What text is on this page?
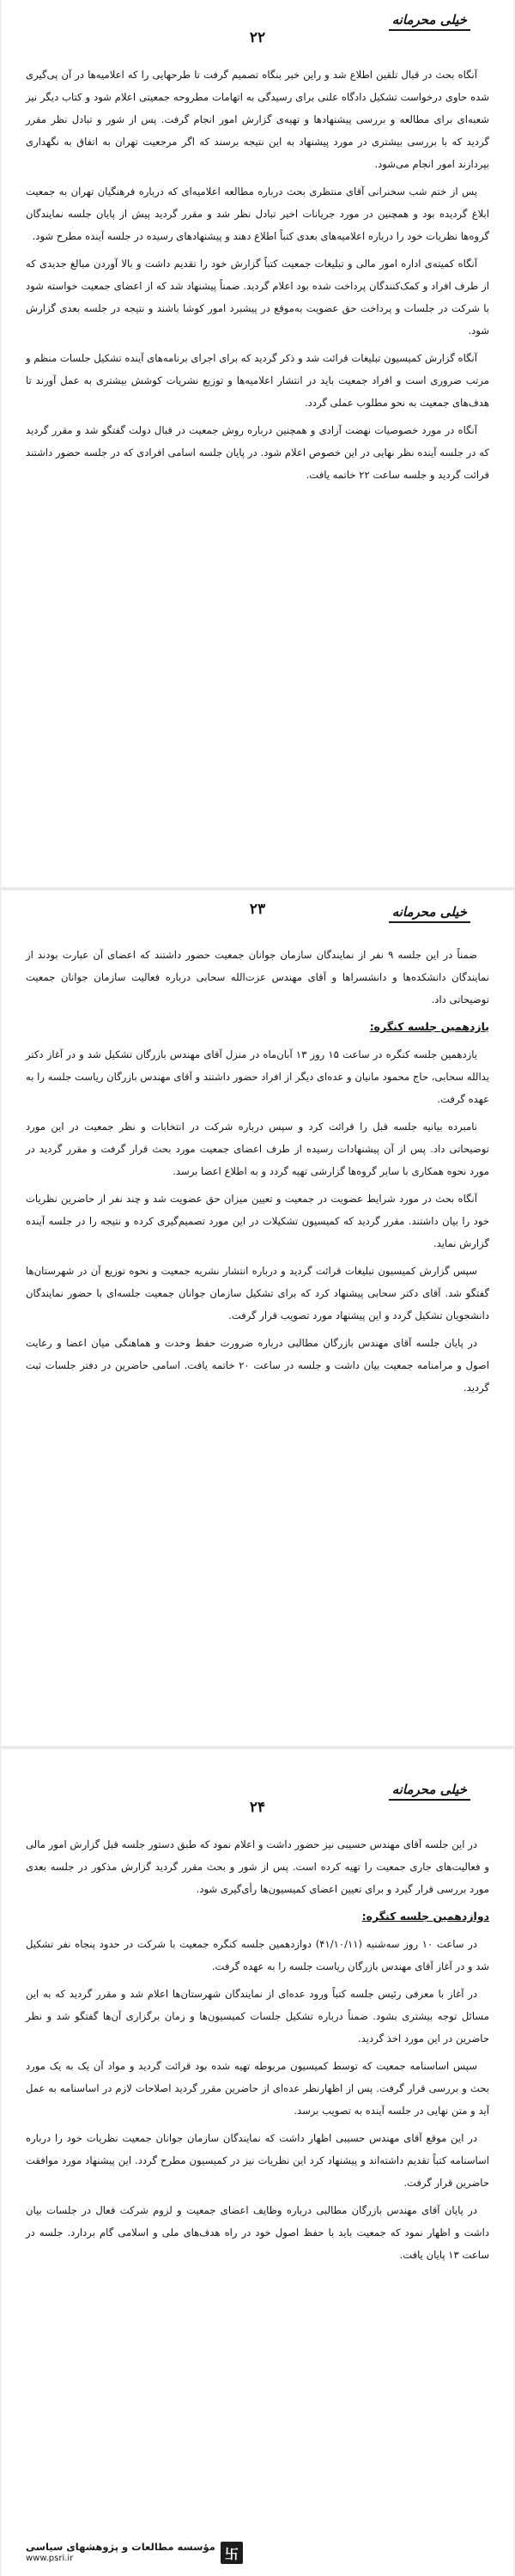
خیلی محرمانه
۲۲

آنگاه بحث در قبال تلقین اطلاع شد و راین خبر بنگاه تصمیم گرفت تا طرحهایی را که اعلامیه‌ها در آن پی‌گیری شده حاوی درخواست تشکیل دادگاه علنی برای رسیدگی به اتهامات مطروحه جمعیتی اعلام شود و کتاب دیگر نیز شعبه‌ای برای مطالعه و بررسی پیشنهادها و تهیه‌ی گزارش امور انجام گرفت. پس از شور و تبادل نظر مقرر گردید که با بررسی بیشتری در مورد پیشنهاد به این نتیجه برسند که اگر مرجعیت تهران به اتفاق به نگهداری بپردازند امور انجام می‌شود.

پس از ختم شب سخنرانی آقای منتظری بحث درباره مطالعه اعلامیه‌ای که درباره فرهنگیان تهران به جمعیت ابلاغ گردیده بود و همچنین در مورد جریانات اخیر تبادل نظر شد و مقرر گردید پیش از پایان جلسه نمایندگان گروه‌ها نظریات خود را درباره اعلامیه‌های بعدی کتباً اطلاع دهند و پیشنهادهای رسیده در جلسه آینده مطرح شود.

آنگاه کمیته‌ی اداره امور مالی و تبلیغات جمعیت کتباً گزارش خود را تقدیم داشت و بالا آوردن مبالغ جدیدی که از طرف افراد و کمک‌کنندگان پرداخت شده بود اعلام گردید. ضمناً پیشنهاد شد که از اعضای جمعیت خواسته شود با شرکت در جلسات و پرداخت حق عضویت به‌موقع در پیشبرد امور کوشا باشند و نتیجه در جلسه بعدی گزارش شود.

آنگاه گزارش کمیسیون تبلیغات قرائت شد و ذکر گردید که برای اجرای برنامه‌های آینده تشکیل جلسات منظم و مرتب ضروری است و افراد جمعیت باید در انتشار اعلامیه‌ها و توزیع نشریات کوشش بیشتری به عمل آورند تا هدف‌های جمعیت به نحو مطلوب عملی گردد.

آنگاه در مورد خصوصیات نهضت آزادی و همچنین درباره روش جمعیت در قبال دولت گفتگو شد و مقرر گردید که در جلسه آینده نظر نهایی در این خصوص اعلام شود. در پایان جلسه اسامی افرادی که در جلسه حضور داشتند قرائت گردید و جلسه ساعت ۲۲ خاتمه یافت.

خیلی محرمانه
۲۳

ضمناً در این جلسه ۹ نفر از نمایندگان سازمان جوانان جمعیت حضور داشتند که اعضای آن عبارت بودند از نمایندگان دانشکده‌ها و دانشسراها و آقای مهندس عزت‌الله سحابی درباره فعالیت سازمان جوانان جمعیت توضیحاتی داد.

یازدهمین جلسه کنگره:

یازدهمین جلسه کنگره در ساعت ۱۵ روز ۱۳ آبان‌ماه در منزل آقای مهندس بازرگان تشکیل شد و در آغاز دکتر یدالله سحابی، حاج محمود مانیان و عده‌ای دیگر از افراد حضور داشتند و آقای مهندس بازرگان ریاست جلسه را به عهده گرفت.

نامبرده بیانیه جلسه قبل را قرائت کرد و سپس درباره شرکت در انتخابات و نظر جمعیت در این مورد توضیحاتی داد. پس از آن پیشنهادات رسیده از طرف اعضای جمعیت مورد بحث قرار گرفت و مقرر گردید در مورد نحوه همکاری با سایر گروه‌ها گزارشی تهیه گردد و به اطلاع اعضا برسد.

آنگاه بحث در مورد شرایط عضویت در جمعیت و تعیین میزان حق عضویت شد و چند نفر از حاضرین نظریات خود را بیان داشتند. مقرر گردید که کمیسیون تشکیلات در این مورد تصمیم‌گیری کرده و نتیجه را در جلسه آینده گزارش نماید.

سپس گزارش کمیسیون تبلیغات قرائت گردید و درباره انتشار نشریه جمعیت و نحوه توزیع آن در شهرستان‌ها گفتگو شد. آقای دکتر سحابی پیشنهاد کرد که برای تشکیل سازمان جوانان جمعیت جلسه‌ای با حضور نمایندگان دانشجویان تشکیل گردد و این پیشنهاد مورد تصویب قرار گرفت.

در پایان جلسه آقای مهندس بازرگان مطالبی درباره ضرورت حفظ وحدت و هماهنگی میان اعضا و رعایت اصول و مرامنامه جمعیت بیان داشت و جلسه در ساعت ۲۰ خاتمه یافت. اسامی حاضرین در دفتر جلسات ثبت گردید.

خیلی محرمانه
۲۴

در این جلسه آقای مهندس حسیبی نیز حضور داشت و اعلام نمود که طبق دستور جلسه قبل گزارش امور مالی و فعالیت‌های جاری جمعیت را تهیه کرده است. پس از شور و بحث مقرر گردید گزارش مذکور در جلسه بعدی مورد بررسی قرار گیرد و برای تعیین اعضای کمیسیون‌ها رأی‌گیری شود.

دوازدهمین جلسه کنگره:

در ساعت ۱۰ روز سه‌شنبه (۴۱/۱۰/۱۱) دوازدهمین جلسه کنگره جمعیت با شرکت در حدود پنجاه نفر تشکیل شد و در آغاز آقای مهندس بازرگان ریاست جلسه را به عهده گرفت.

در آغاز با معرفی رئیس جلسه کتباً ورود عده‌ای از نمایندگان شهرستان‌ها اعلام شد و مقرر گردید که به این مسائل توجه بیشتری بشود. ضمناً درباره تشکیل جلسات کمیسیون‌ها و زمان برگزاری آن‌ها گفتگو شد و نظر حاضرین در این مورد اخذ گردید.

سپس اساسنامه جمعیت که توسط کمیسیون مربوطه تهیه شده بود قرائت گردید و مواد آن یک به یک مورد بحث و بررسی قرار گرفت. پس از اظهارنظر عده‌ای از حاضرین مقرر گردید اصلاحات لازم در اساسنامه به عمل آید و متن نهایی در جلسه آینده به تصویب برسد.

در این موقع آقای مهندس حسیبی اظهار داشت که نمایندگان سازمان جوانان جمعیت نظریات خود را درباره اساسنامه کتباً تقدیم داشته‌اند و پیشنهاد کرد این نظریات نیز در کمیسیون مطرح گردد. این پیشنهاد مورد موافقت حاضرین قرار گرفت.

در پایان آقای مهندس بازرگان مطالبی درباره وظایف اعضای جمعیت و لزوم شرکت فعال در جلسات بیان داشت و اظهار نمود که جمعیت باید با حفظ اصول خود در راه هدف‌های ملی و اسلامی گام بردارد. جلسه در ساعت ۱۳ پایان یافت.

卐
مؤسسه مطالعات و پژوهشهای سیاسی
www.psri.ir
